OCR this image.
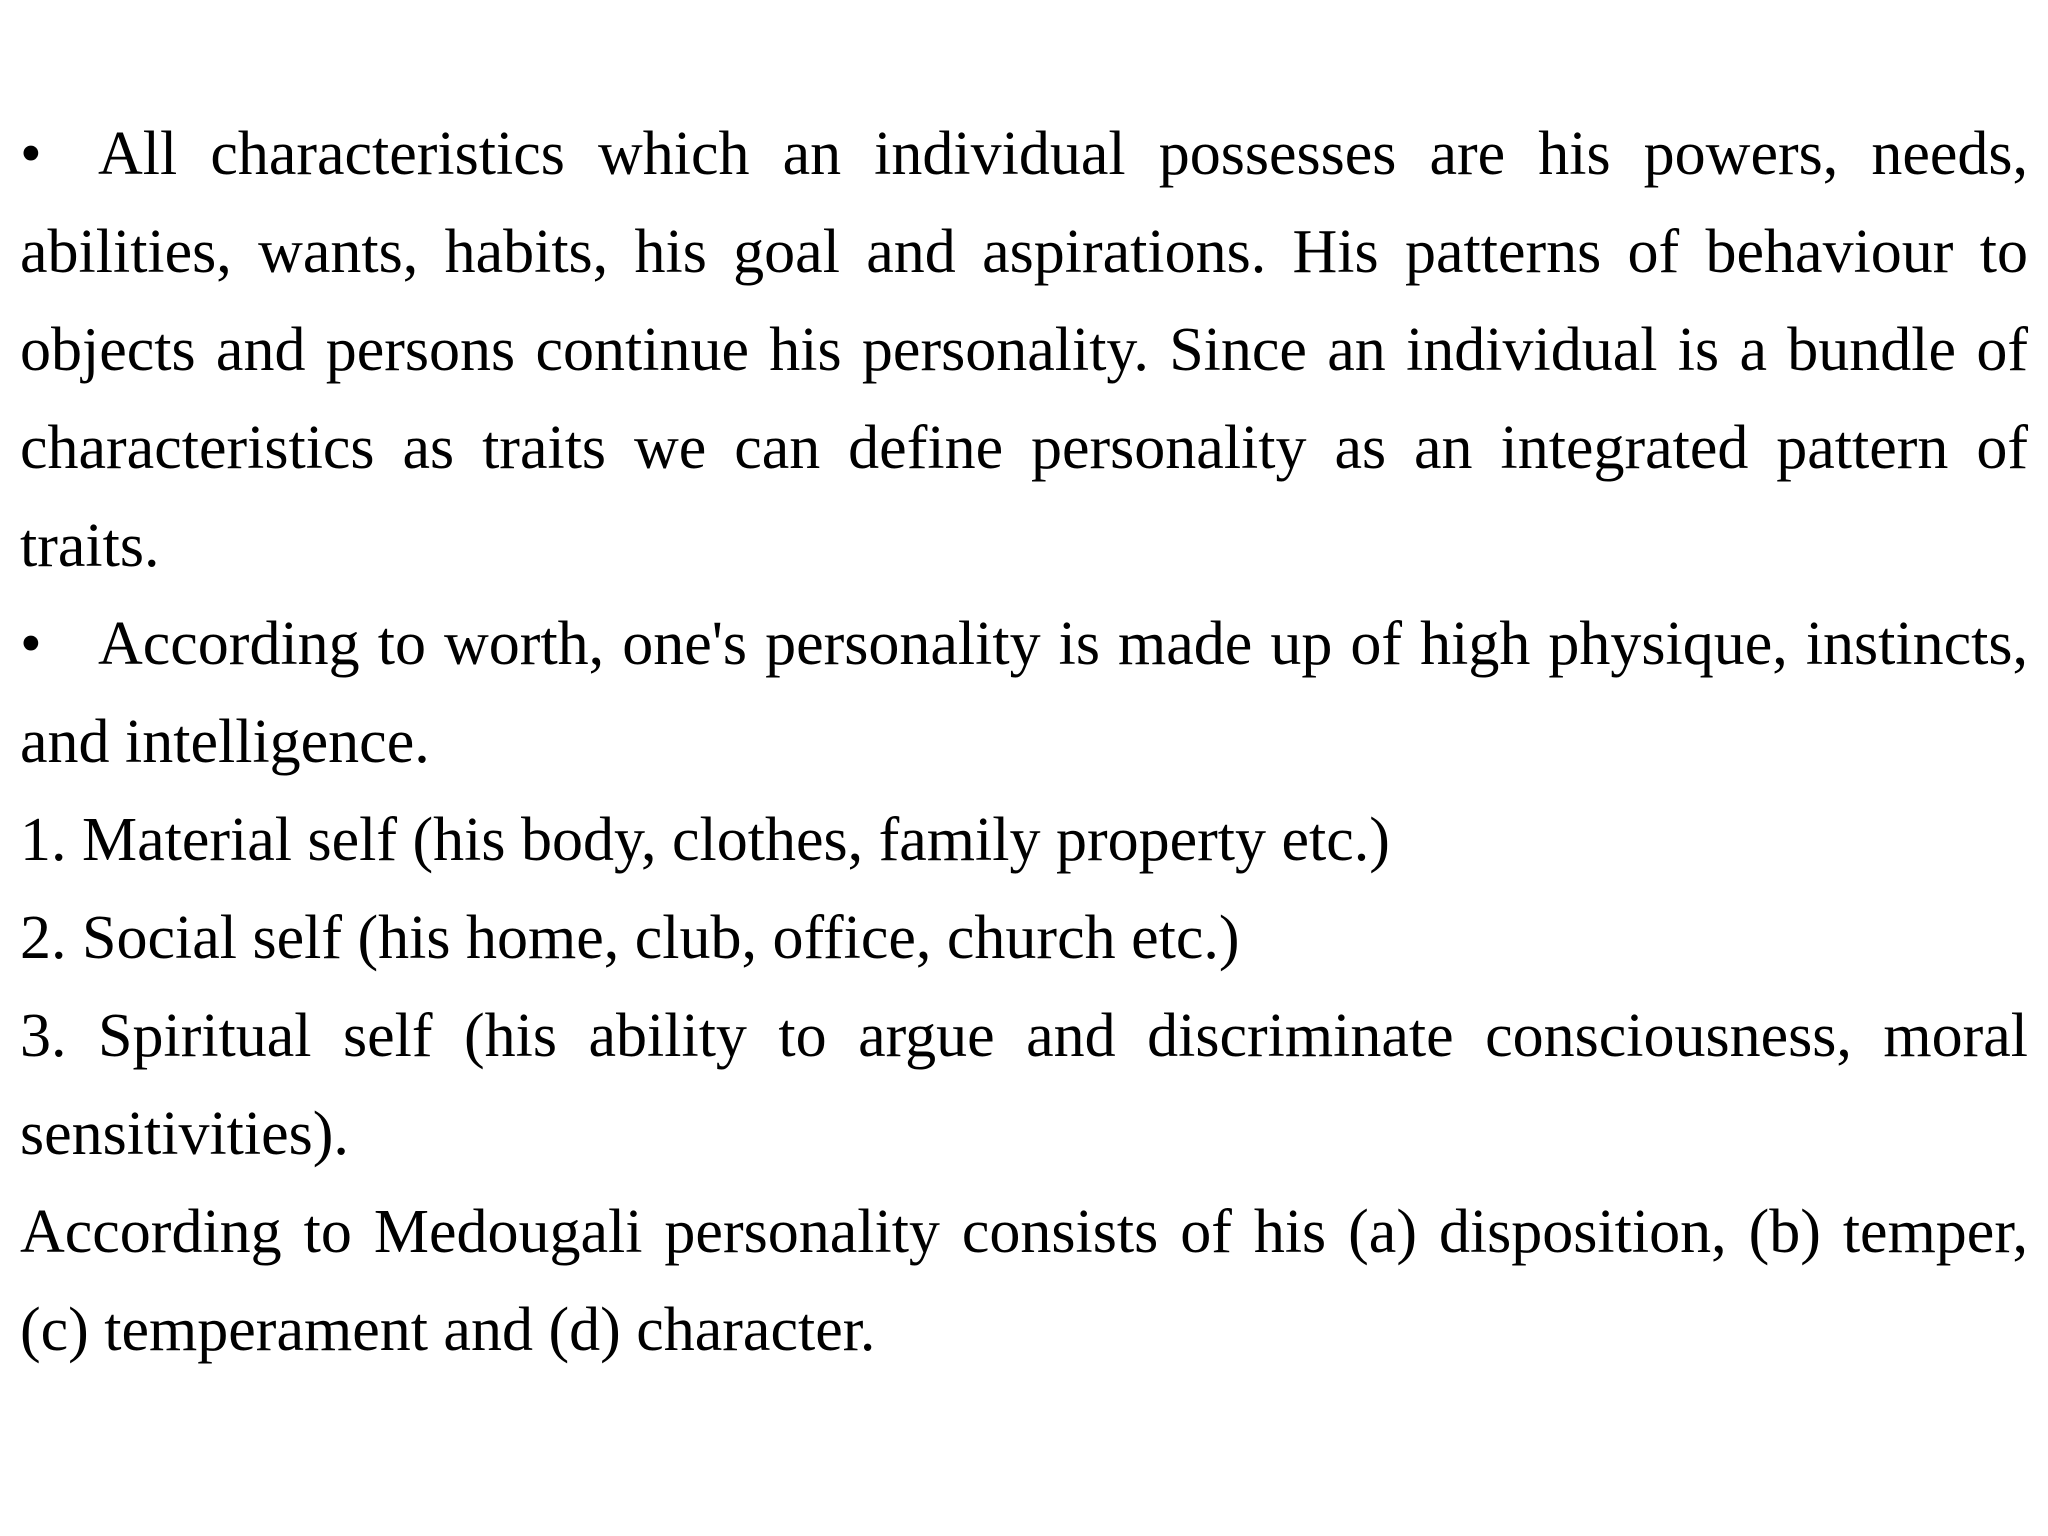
• All characteristics which an individual possesses are his powers, needs, abilities, wants, habits, his goal and aspirations. His patterns of behaviour to objects and persons continue his personality. Since an individual is a bundle of characteristics as traits we can define personality as an integrated pattern of traits.

• According to worth, one's personality is made up of high physique, instincts, and intelligence.

1. Material self (his body, clothes, family property etc.)

2. Social self (his home, club, office, church etc.)

3. Spiritual self (his ability to argue and discriminate consciousness, moral sensitivities).

According to Medougali personality consists of his (a) disposition, (b) temper, (c) temperament and (d) character.
